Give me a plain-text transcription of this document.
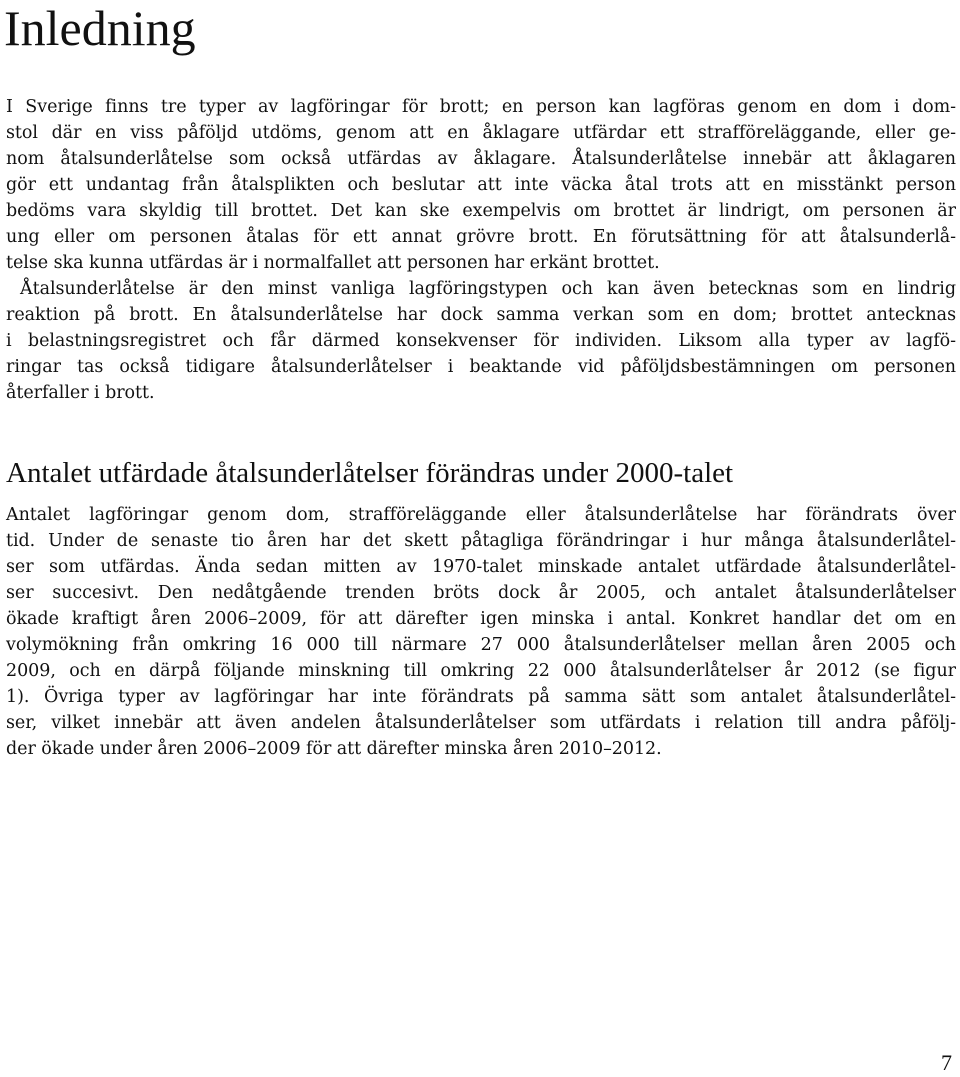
Inledning
I Sverige finns tre typer av lagföringar för brott; en person kan lagföras genom en dom i dom-
stol där en viss påföljd utdöms, genom att en åklagare utfärdar ett strafföreläggande, eller ge-
nom åtalsunderlåtelse som också utfärdas av åklagare. Åtalsunderlåtelse innebär att åklagaren
gör ett undantag från åtalsplikten och beslutar att inte väcka åtal trots att en misstänkt person
bedöms vara skyldig till brottet. Det kan ske exempelvis om brottet är lindrigt, om personen är
ung eller om personen åtalas för ett annat grövre brott. En förutsättning för att åtalsunderlå-
telse ska kunna utfärdas är i normalfallet att personen har erkänt brottet.
Åtalsunderlåtelse är den minst vanliga lagföringstypen och kan även betecknas som en lindrig
reaktion på brott. En åtalsunderlåtelse har dock samma verkan som en dom; brottet antecknas
i belastningsregistret och får därmed konsekvenser för individen. Liksom alla typer av lagfö-
ringar tas också tidigare åtalsunderlåtelser i beaktande vid påföljdsbestämningen om personen
återfaller i brott.
Antalet utfärdade åtalsunderlåtelser förändras under 2000-talet
Antalet lagföringar genom dom, strafföreläggande eller åtalsunderlåtelse har förändrats över
tid. Under de senaste tio åren har det skett påtagliga förändringar i hur många åtalsunderlåtel-
ser som utfärdas. Ända sedan mitten av 1970-talet minskade antalet utfärdade åtalsunderlåtel-
ser succesivt. Den nedåtgående trenden bröts dock år 2005, och antalet åtalsunderlåtelser
ökade kraftigt åren 2006–2009, för att därefter igen minska i antal. Konkret handlar det om en
volymökning från omkring 16 000 till närmare 27 000 åtalsunderlåtelser mellan åren 2005 och
2009, och en därpå följande minskning till omkring 22 000 åtalsunderlåtelser år 2012 (se figur
1). Övriga typer av lagföringar har inte förändrats på samma sätt som antalet åtalsunderlåtel-
ser, vilket innebär att även andelen åtalsunderlåtelser som utfärdats i relation till andra påfölj-
der ökade under åren 2006–2009 för att därefter minska åren 2010–2012.
7
